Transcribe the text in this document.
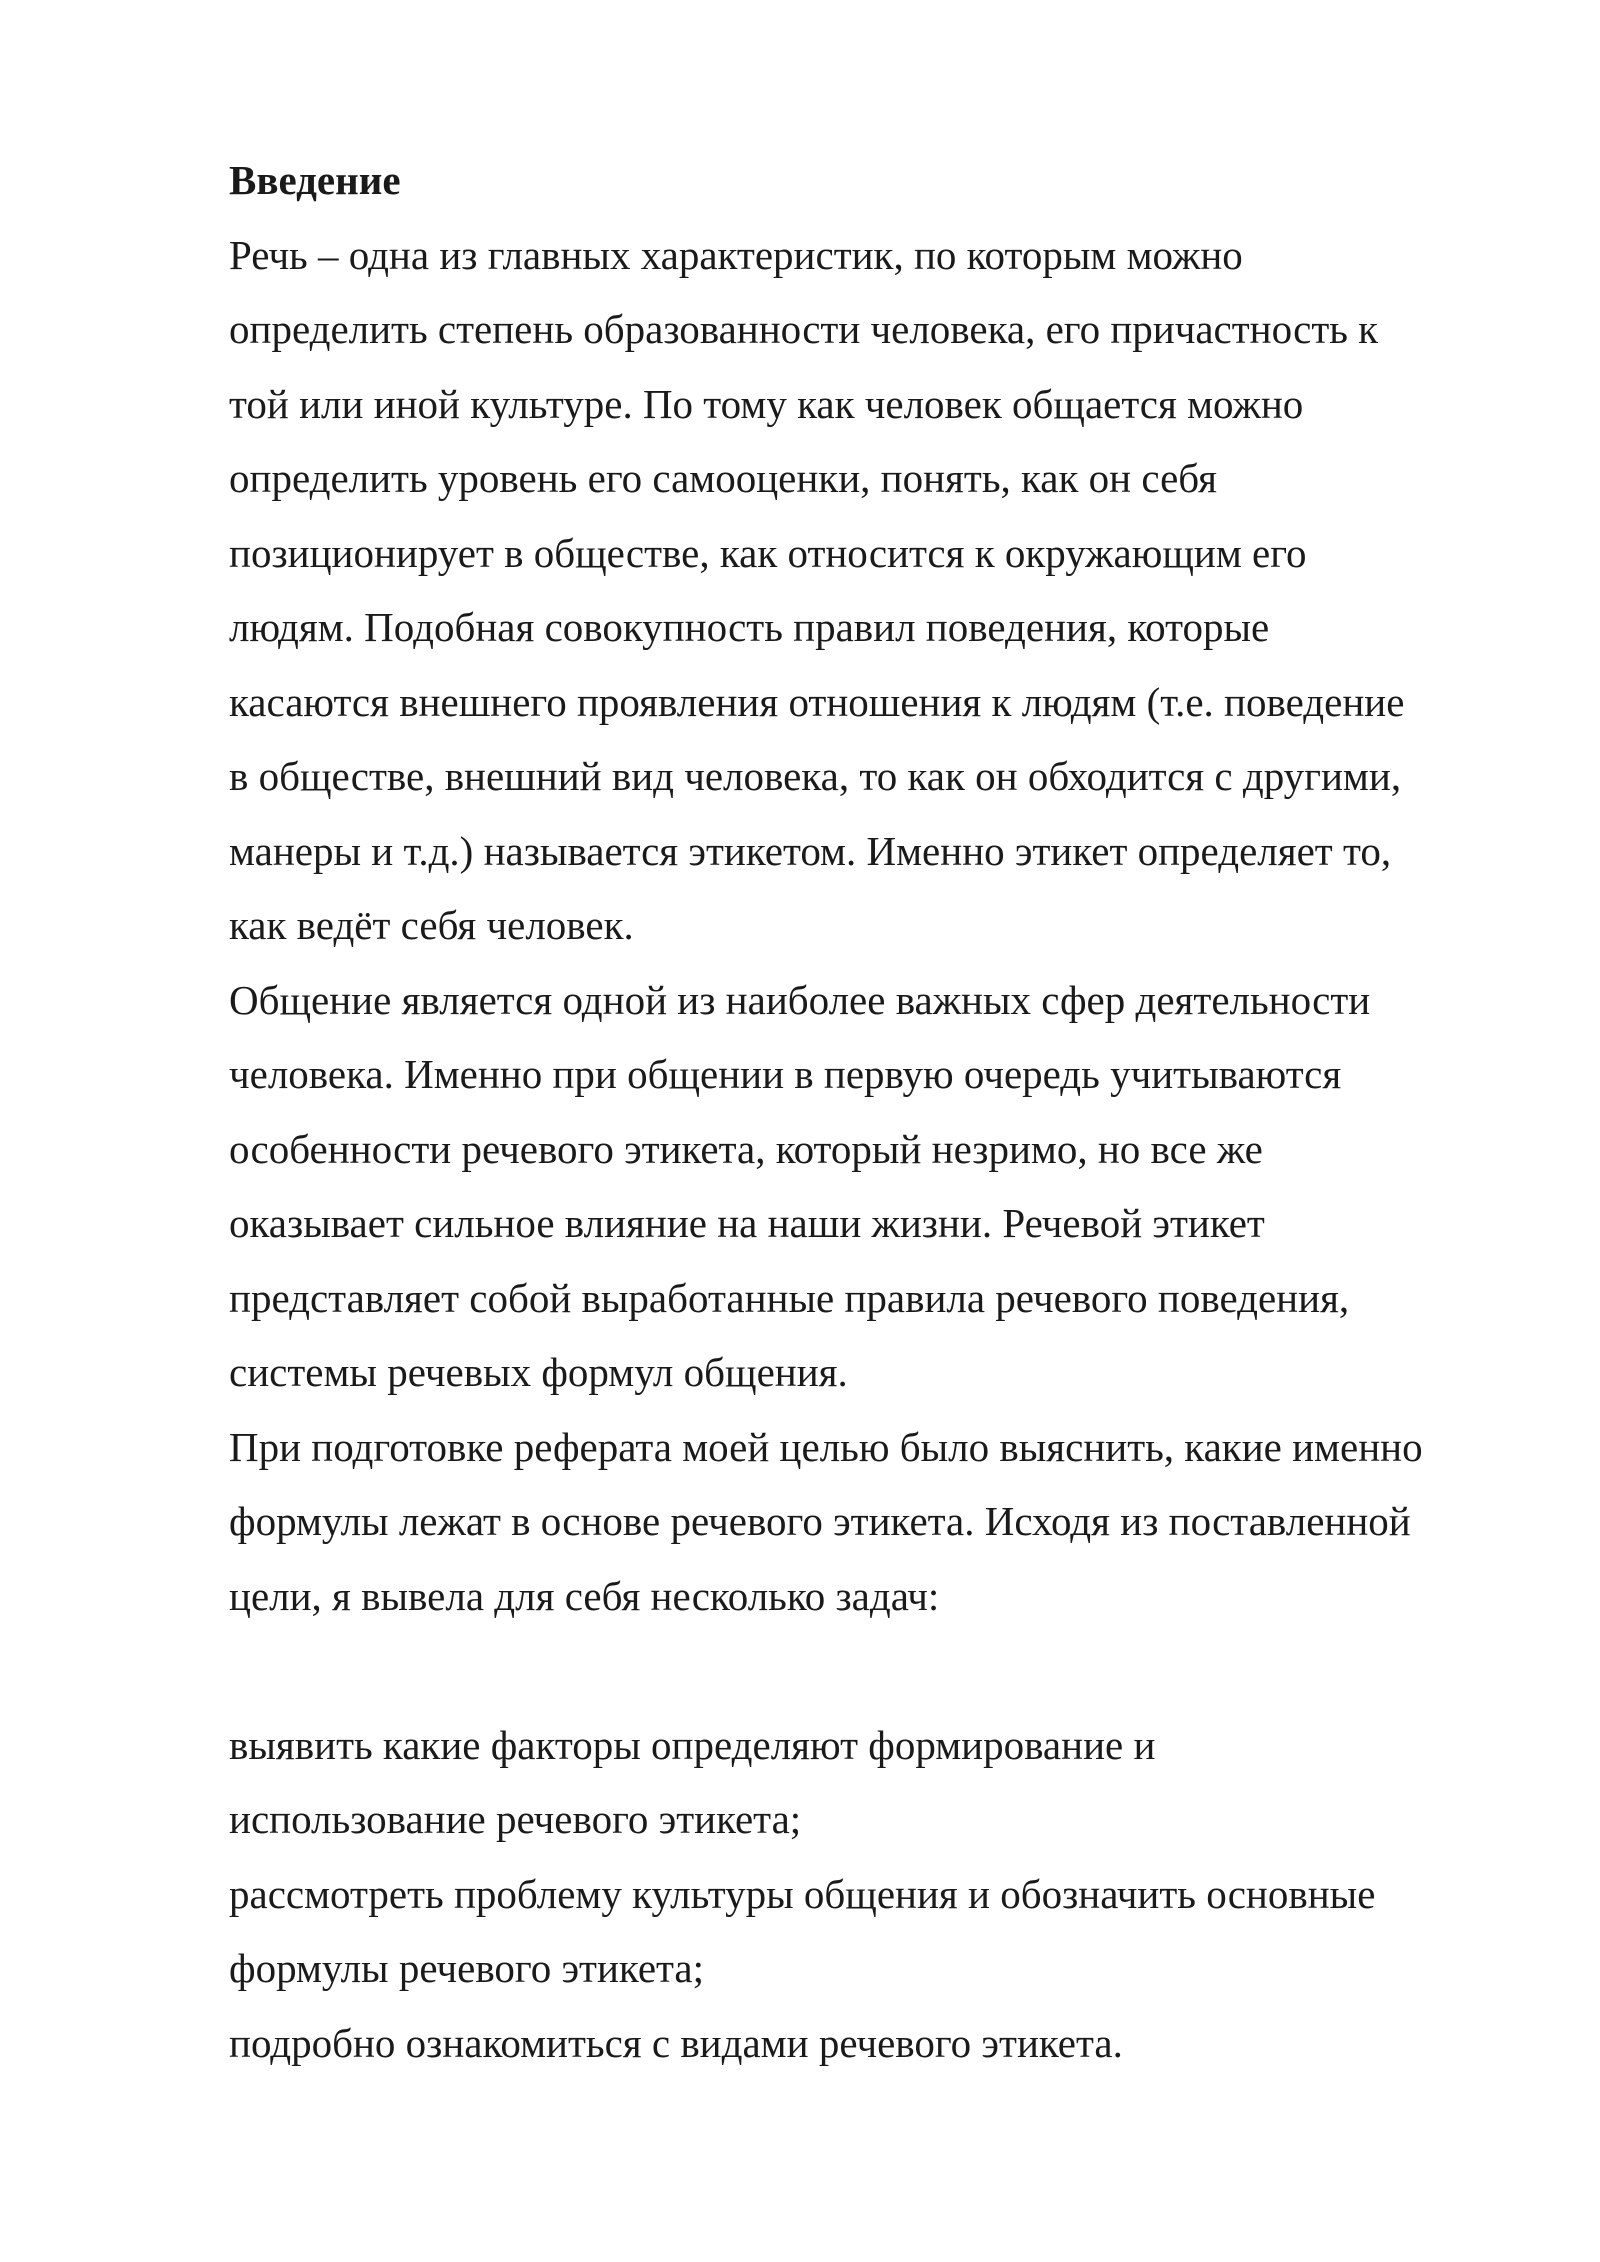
Введение

Речь – одна из главных характеристик, по которым можно
определить степень образованности человека, его причастность к
той или иной культуре. По тому как человек общается можно
определить уровень его самооценки, понять, как он себя
позиционирует в обществе, как относится к окружающим его
людям. Подобная совокупность правил поведения, которые
касаются внешнего проявления отношения к людям (т.е. поведение
в обществе, внешний вид человека, то как он обходится с другими,
манеры и т.д.) называется этикетом. Именно этикет определяет то,
как ведёт себя человек.

Общение является одной из наиболее важных сфер деятельности
человека. Именно при общении в первую очередь учитываются
особенности речевого этикета, который незримо, но все же
оказывает сильное влияние на наши жизни. Речевой этикет
представляет собой выработанные правила речевого поведения,
системы речевых формул общения.

При подготовке реферата моей целью было выяснить, какие именно
формулы лежат в основе речевого этикета. Исходя из поставленной
цели, я вывела для себя несколько задач:

выявить какие факторы определяют формирование и
использование речевого этикета;

рассмотреть проблему культуры общения и обозначить основные
формулы речевого этикета;

подробно ознакомиться с видами речевого этикета.
